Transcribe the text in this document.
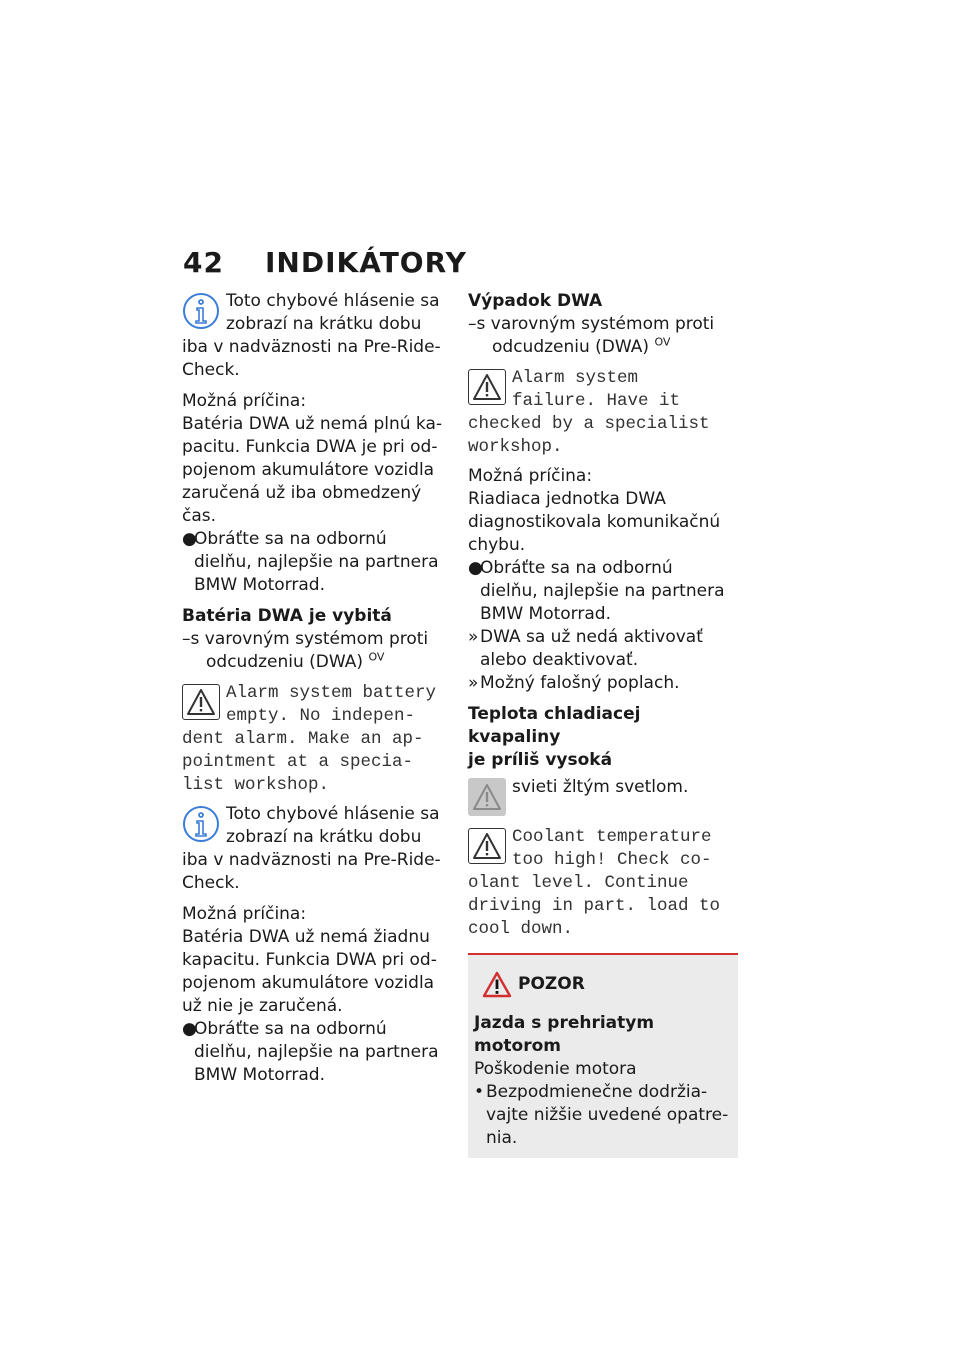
42 INDIKÁTORY
Toto chybové hlásenie sa
zobrazí na krátku dobu
iba v nadväznosti na Pre-Ride-
Check.

Možná príčina:

Batéria DWA už nemá plnú ka-
pacitu. Funkcia DWA je pri od-
pojenom akumulátore vozidla
zaručená už iba obmedzený
čas.
●Obráťte sa na odbornú
dielňu, najlepšie na partnera
BMW Motorrad.
Batéria DWA je vybitá

–s varovným systémom proti odcudzeniu (DWA) $^{OV}$

Alarm system battery
empty. No indepen-
dent alarm. Make an ap-
pointment at a specia-
list workshop.
Toto chybové hlásenie sa
zobrazí na krátku dobu
iba v nadväznosti na Pre-Ride-
Check.

Možná príčina:

Batéria DWA už nemá žiadnu
kapacitu. Funkcia DWA pri od-
pojenom akumulátore vozidla
už nie je zaručená.
●Obráťte sa na odbornú
dielňu, najlepšie na partnera
BMW Motorrad.
Výpadok DWA

–s varovným systémom proti odcudzeniu (DWA) $^{OV}$

Alarm system
failure. Have it
checked by a specialist
workshop.

Možná príčina:

Riadiaca jednotka DWA
diagnostikovala komunikačnú
chybu.
●Obráťte sa na odbornú
dielňu, najlepšie na partnera
BMW Motorrad.
»DWA sa už nedá aktivovať
alebo deaktivovať.
»Možný falošný poplach.
Teplota chladiacej kvapaliny
je príliš vysoká
svieti žltým svetlom.
Coolant temperature
too high! Check co-
olant level. Continue
driving in part. load to
cool down.
POZOR
Jazda s prehriatym motorom
Poškodenie motora
• Bezpodmienečne dodržia-
vajte nižšie uvedené opatre-
nia.
